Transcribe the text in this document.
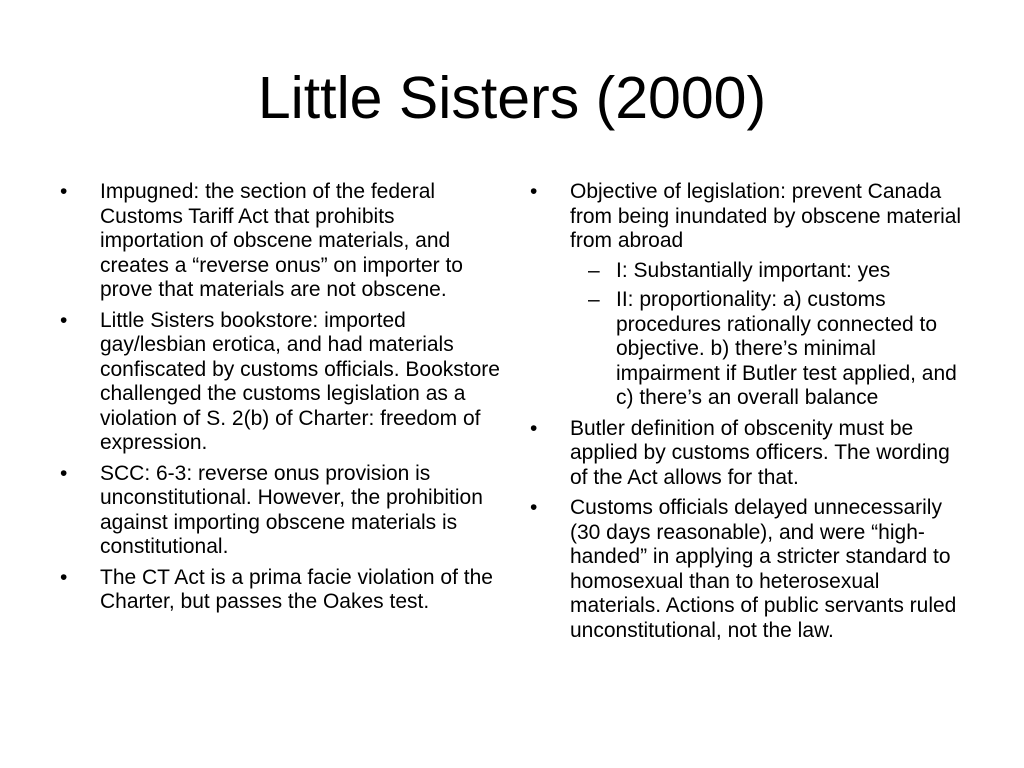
Little Sisters (2000)
•	Impugned: the section of the federal Customs Tariff Act that prohibits importation of obscene materials, and creates a “reverse onus” on importer to prove that materials are not obscene.
•	Little Sisters bookstore: imported gay/lesbian erotica, and had materials confiscated by customs officials. Bookstore challenged the customs legislation as a violation of S. 2(b) of Charter: freedom of expression.
•	SCC: 6-3: reverse onus provision is unconstitutional. However, the prohibition against importing obscene materials is constitutional.
•	The CT Act is a prima facie violation of the Charter, but passes the Oakes test.
•	Objective of legislation: prevent Canada from being inundated by obscene material from abroad
– I: Substantially important: yes
– II: proportionality: a) customs procedures rationally connected to objective. b) there’s minimal impairment if Butler test applied, and c) there’s an overall balance
•	Butler definition of obscenity must be applied by customs officers. The wording of the Act allows for that.
•	Customs officials delayed unnecessarily (30 days reasonable), and were “high-handed” in applying a stricter standard to homosexual than to heterosexual materials. Actions of public servants ruled unconstitutional, not the law.
